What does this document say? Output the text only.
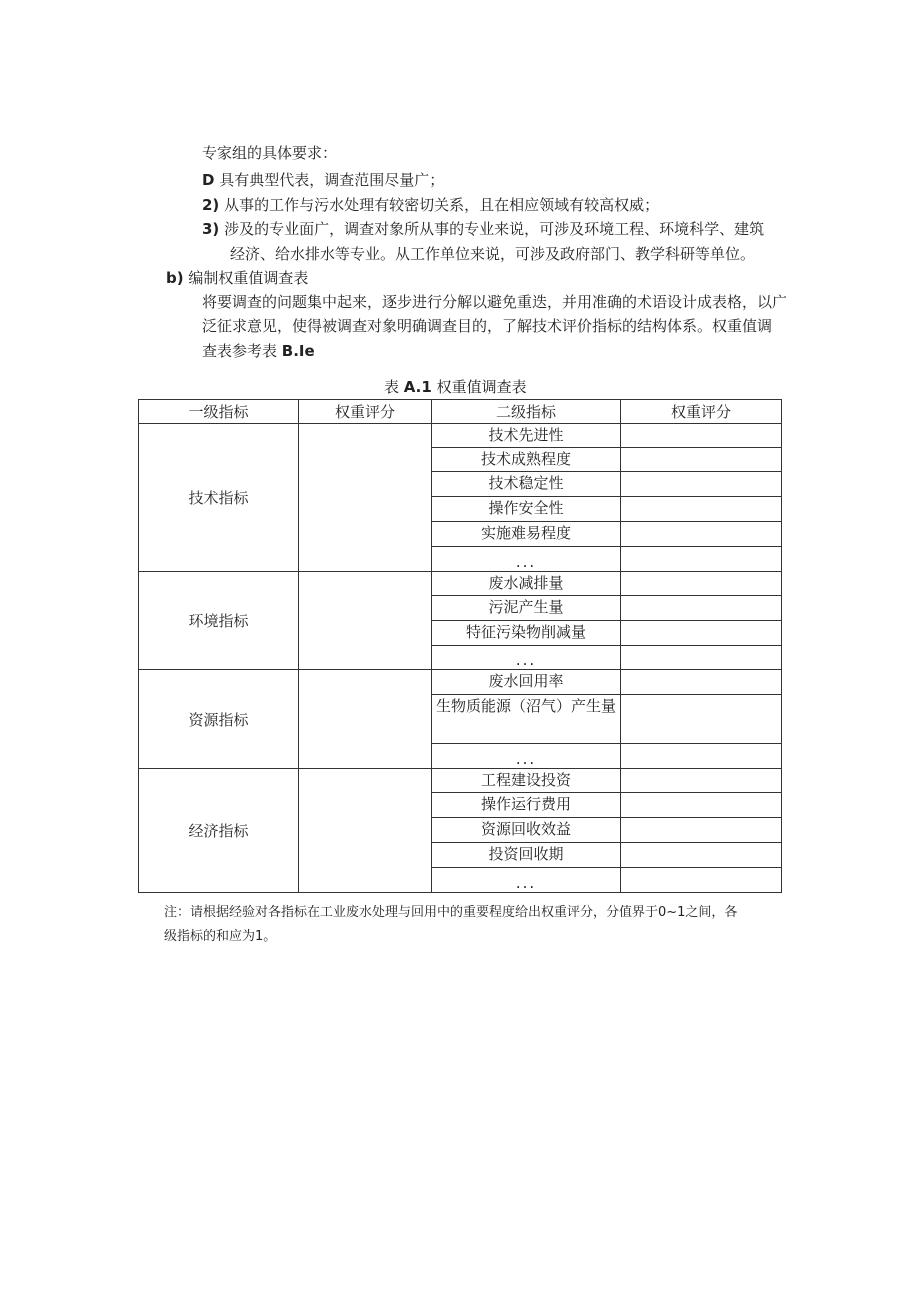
专家组的具体要求：
D 具有典型代表，调查范围尽量广；
2) 从事的工作与污水处理有较密切关系，且在相应领域有较高权威；
3) 涉及的专业面广，调查对象所从事的专业来说，可涉及环境工程、环境科学、建筑
经济、给水排水等专业。从工作单位来说，可涉及政府部门、教学科研等单位。
b) 编制权重值调查表
将要调查的问题集中起来，逐步进行分解以避免重迭，并用准确的术语设计成表格，以广
泛征求意见，使得被调查对象明确调查目的，了解技术评价指标的结构体系。权重值调
查表参考表 B.Ie
表 A.1 权重值调查表
一级指标	权重评分	二级指标	权重评分
技术指标		技术先进性	
		技术成熟程度	
		技术稳定性	
		操作安全性	
		实施难易程度	
		...	
环境指标		废水减排量	
		污泥产生量	
		特征污染物削减量	
		...	
资源指标		废水回用率	
		生物质能源（沼气）产生量	
		...	
经济指标		工程建设投资	
		操作运行费用	
		资源回收效益	
		投资回收期	
		...	
注：请根据经验对各指标在工业废水处理与回用中的重要程度给出权重评分，分值界于0~1之间，各
级指标的和应为1。
